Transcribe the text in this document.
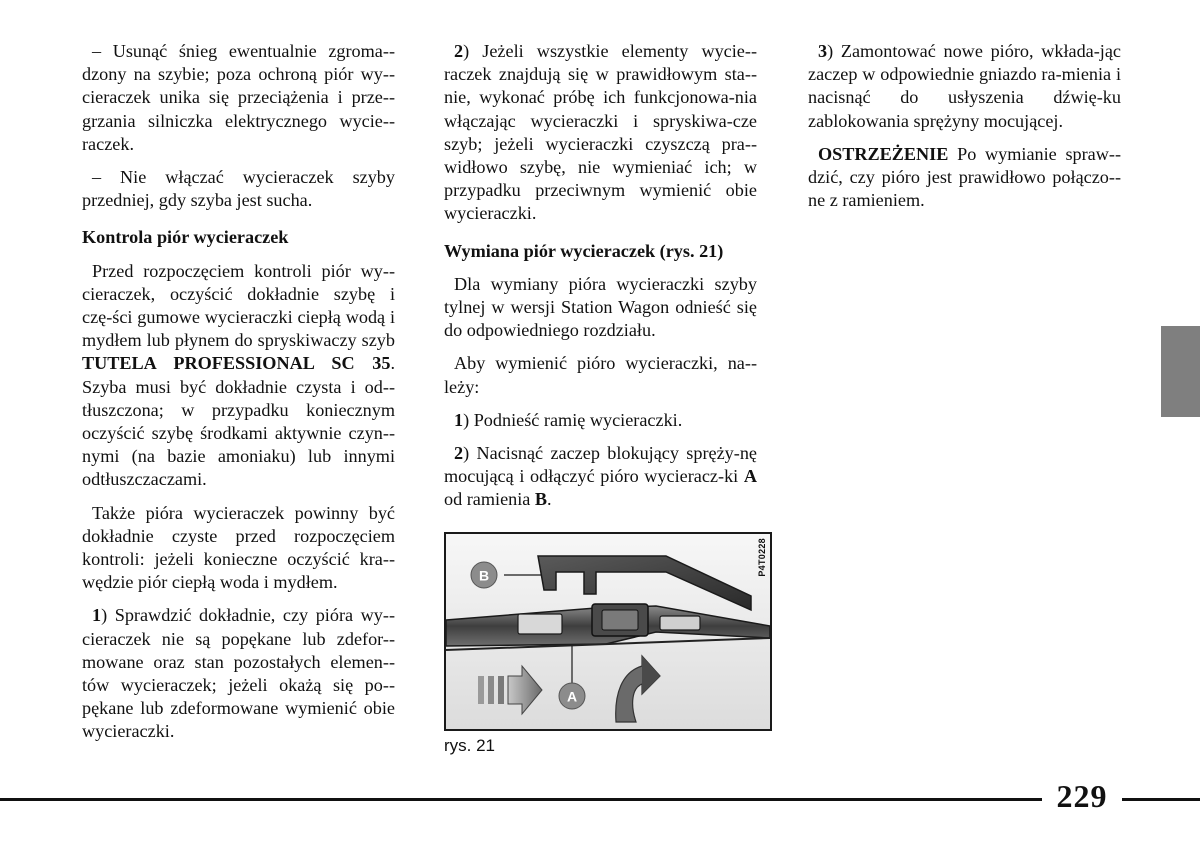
– Usunąć śnieg ewentualnie zgroma-dzony na szybie; poza ochroną piór wy-cieraczek unika się przeciążenia i prze-grzania silniczka elektrycznego wycie-raczek.

– Nie włączać wycieraczek szyby przedniej, gdy szyba jest sucha.

Kontrola piór wycieraczek

Przed rozpoczęciem kontroli piór wy-cieraczek, oczyścić dokładnie szybę i czę-ści gumowe wycieraczki ciepłą wodą i mydłem lub płynem do spryskiwaczy szyb TUTELA PROFESSIONAL SC 35. Szyba musi być dokładnie czysta i od-tłuszczona; w przypadku koniecznym oczyścić szybę środkami aktywnie czyn-nymi (na bazie amoniaku) lub innymi odtłuszczaczami.

Także pióra wycieraczek powinny być dokładnie czyste przed rozpoczęciem kontroli: jeżeli konieczne oczyścić kra-wędzie piór ciepłą woda i mydłem.

1) Sprawdzić dokładnie, czy pióra wy-cieraczek nie są popękane lub zdefor-mowane oraz stan pozostałych elemen-tów wycieraczek; jeżeli okażą się po-pękane lub zdeformowane wymienić obie wycieraczki.

2) Jeżeli wszystkie elementy wycie-raczek znajdują się w prawidłowym sta-nie, wykonać próbę ich funkcjonowa-nia włączając wycieraczki i spryskiwa-cze szyb; jeżeli wycieraczki czyszczą pra-widłowo szybę, nie wymieniać ich; w przypadku przeciwnym wymienić obie wycieraczki.

Wymiana piór wycieraczek (rys. 21)

Dla wymiany pióra wycieraczki szyby tylnej w wersji Station Wagon odnieść się do odpowiedniego rozdziału.

Aby wymienić pióro wycieraczki, na-leży:

1) Podnieść ramię wycieraczki.

2) Nacisnąć zaczep blokujący spręży-nę mocującą i odłączyć pióro wycieracz-ki A od ramienia B.

3) Zamontować nowe pióro, wkłada-jąc zaczep w odpowiednie gniazdo ra-mienia i nacisnąć do usłyszenia dźwię-ku zablokowania sprężyny mocującej.

OSTRZEŻENIE Po wymianie spraw-dzić, czy pióro jest prawidłowo połączo-ne z ramieniem.

B
A
P4T0228
rys. 21
229
